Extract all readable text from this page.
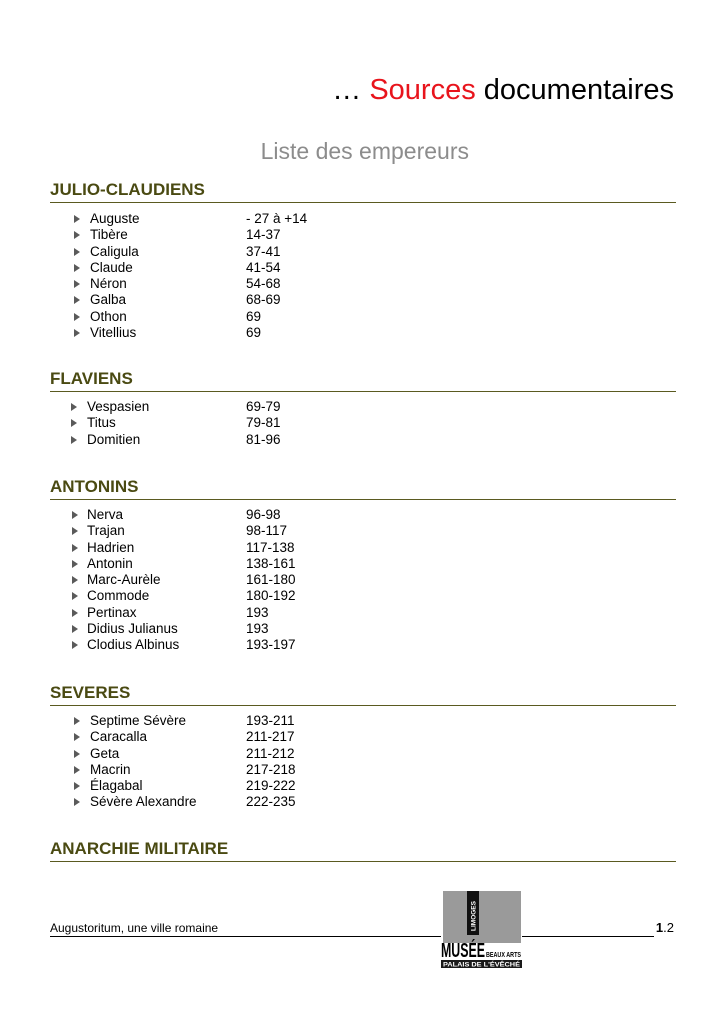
… Sources documentaires
Liste des empereurs
JULIO-CLAUDIENS
Auguste	- 27 à +14
Tibère	14-37
Caligula	37-41
Claude	41-54
Néron	54-68
Galba	68-69
Othon	69
Vitellius	69
FLAVIENS
Vespasien	69-79
Titus	79-81
Domitien	81-96
ANTONINS
Nerva	96-98
Trajan	98-117
Hadrien	117-138
Antonin	138-161
Marc-Aurèle	161-180
Commode	180-192
Pertinax	193
Didius Julianus	193
Clodius Albinus	193-197
SEVERES
Septime Sévère	193-211
Caracalla	211-217
Geta	211-212
Macrin	217-218
Élagabal	219-222
Sévère Alexandre	222-235
ANARCHIE MILITAIRE
Augustoritum, une ville romaine	1.2
LIMOGES
MUSÉE
BEAUX ARTS
PALAIS DE L'ÉVÊCHÉ
